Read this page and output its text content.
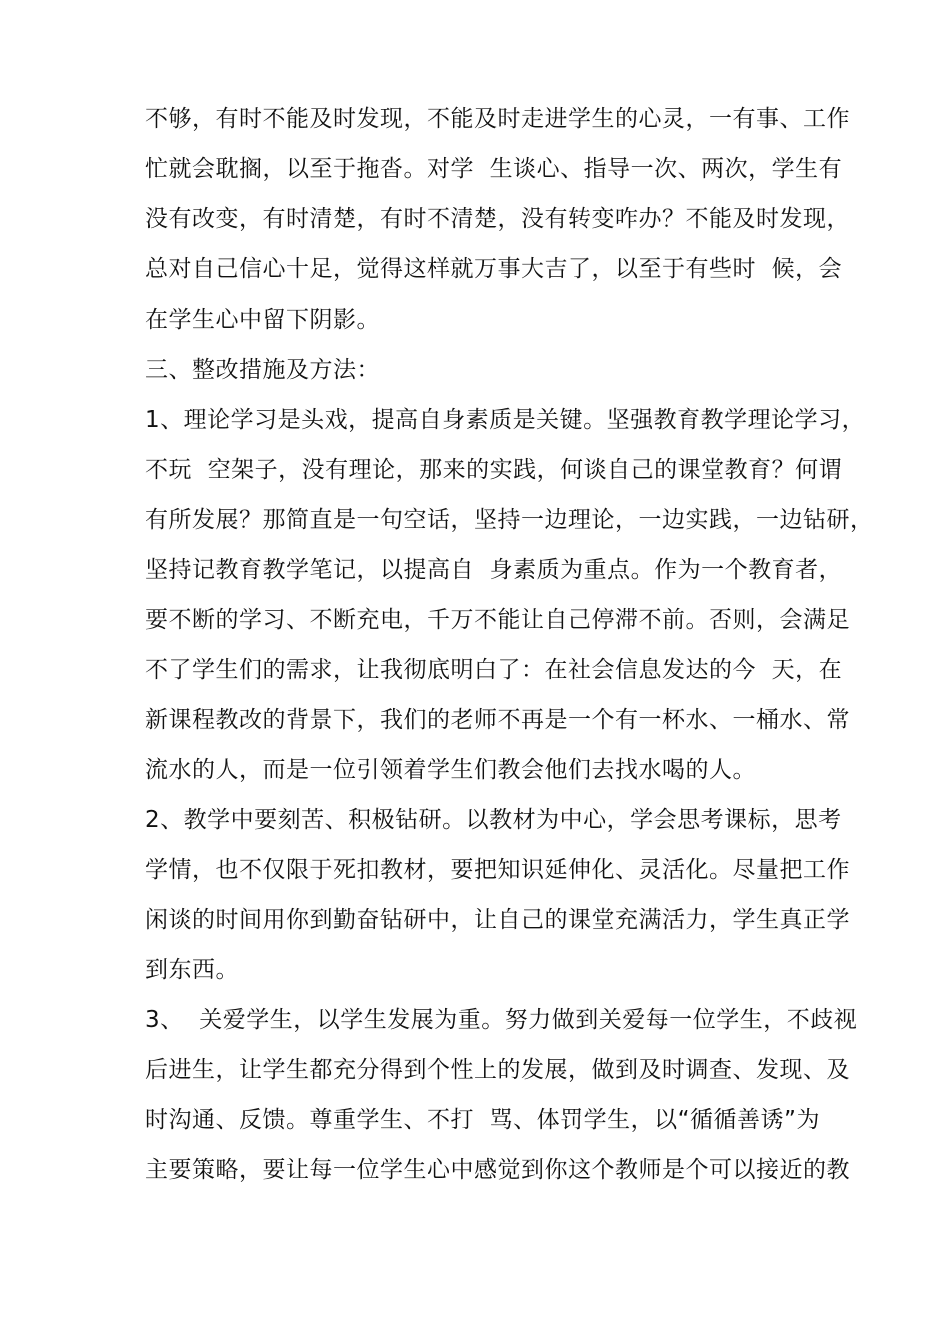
不够，有时不能及时发现，不能及时走进学生的心灵，一有事、工作
忙就会耽搁，以至于拖沓。对学  生谈心、指导一次、两次，学生有
没有改变，有时清楚，有时不清楚，没有转变咋办？不能及时发现，
总对自己信心十足，觉得这样就万事大吉了，以至于有些时  候，会
在学生心中留下阴影。
三、整改措施及方法：
1、理论学习是头戏，提高自身素质是关键。坚强教育教学理论学习，
不玩  空架子，没有理论，那来的实践，何谈自己的课堂教育？何谓
有所发展？那简直是一句空话，坚持一边理论，一边实践，一边钻研，
坚持记教育教学笔记，以提高自  身素质为重点。作为一个教育者，
要不断的学习、不断充电，千万不能让自己停滞不前。否则，会满足
不了学生们的需求，让我彻底明白了：在社会信息发达的今  天，在
新课程教改的背景下，我们的老师不再是一个有一杯水、一桶水、常
流水的人，而是一位引领着学生们教会他们去找水喝的人。
2、教学中要刻苦、积极钻研。以教材为中心，学会思考课标，思考
学情，也不仅限于死扣教材，要把知识延伸化、灵活化。尽量把工作
闲谈的时间用你到勤奋钻研中，让自己的课堂充满活力，学生真正学
到东西。
3、  关爱学生，以学生发展为重。努力做到关爱每一位学生，不歧视
后进生，让学生都充分得到个性上的发展，做到及时调查、发现、及
时沟通、反馈。尊重学生、不打  骂、体罚学生，以“循循善诱”为
主要策略，要让每一位学生心中感觉到你这个教师是个可以接近的教
